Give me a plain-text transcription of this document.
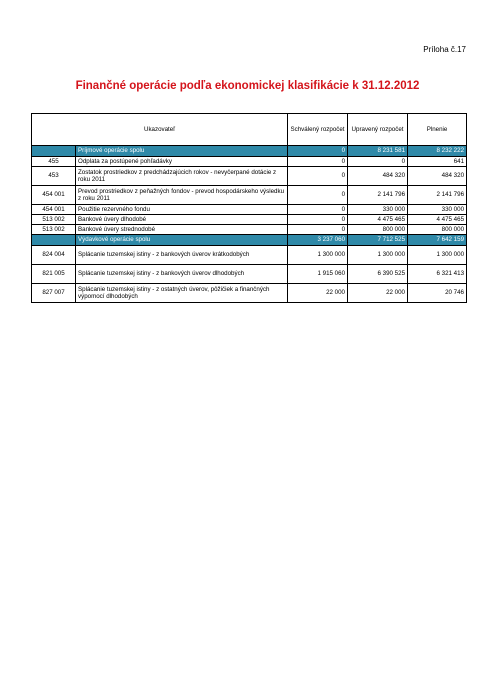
Príloha č.17
Finančné operácie podľa ekonomickej klasifikácie k 31.12.2012
Ukazovateľ		Schválený rozpočet	Upravený rozpočet	Plnenie
	Príjmové operácie spolu	0	8 231 581	8 232 222
455	Odplata za postúpené pohľadávky	0	0	641
453	Zostatok prostriedkov z predchádzajúcich rokov - nevyčerpané dotácie z roku 2011	0	484 320	484 320
454 001	Prevod prostriedkov z peňažných fondov - prevod hospodárskeho výsledku z roku 2011	0	2 141 796	2 141 796
454 001	Použitie rezervného fondu	0	330 000	330 000
513 002	Bankové úvery dlhodobé	0	4 475 465	4 475 465
513 002	Bankové úvery strednodobé	0	800 000	800 000
	Výdavkové operácie spolu	3 237 060	7 712 525	7 642 159
824 004	Splácanie tuzemskej istiny - z bankových úverov krátkodobých	1 300 000	1 300 000	1 300 000
821 005	Splácanie tuzemskej istiny - z bankových úverov dlhodobých	1 915 060	6 390 525	6 321 413
827 007	Splácanie tuzemskej istiny - z ostatných úverov, pôžičiek a finančných výpomocí dlhodobých	22 000	22 000	20 746
